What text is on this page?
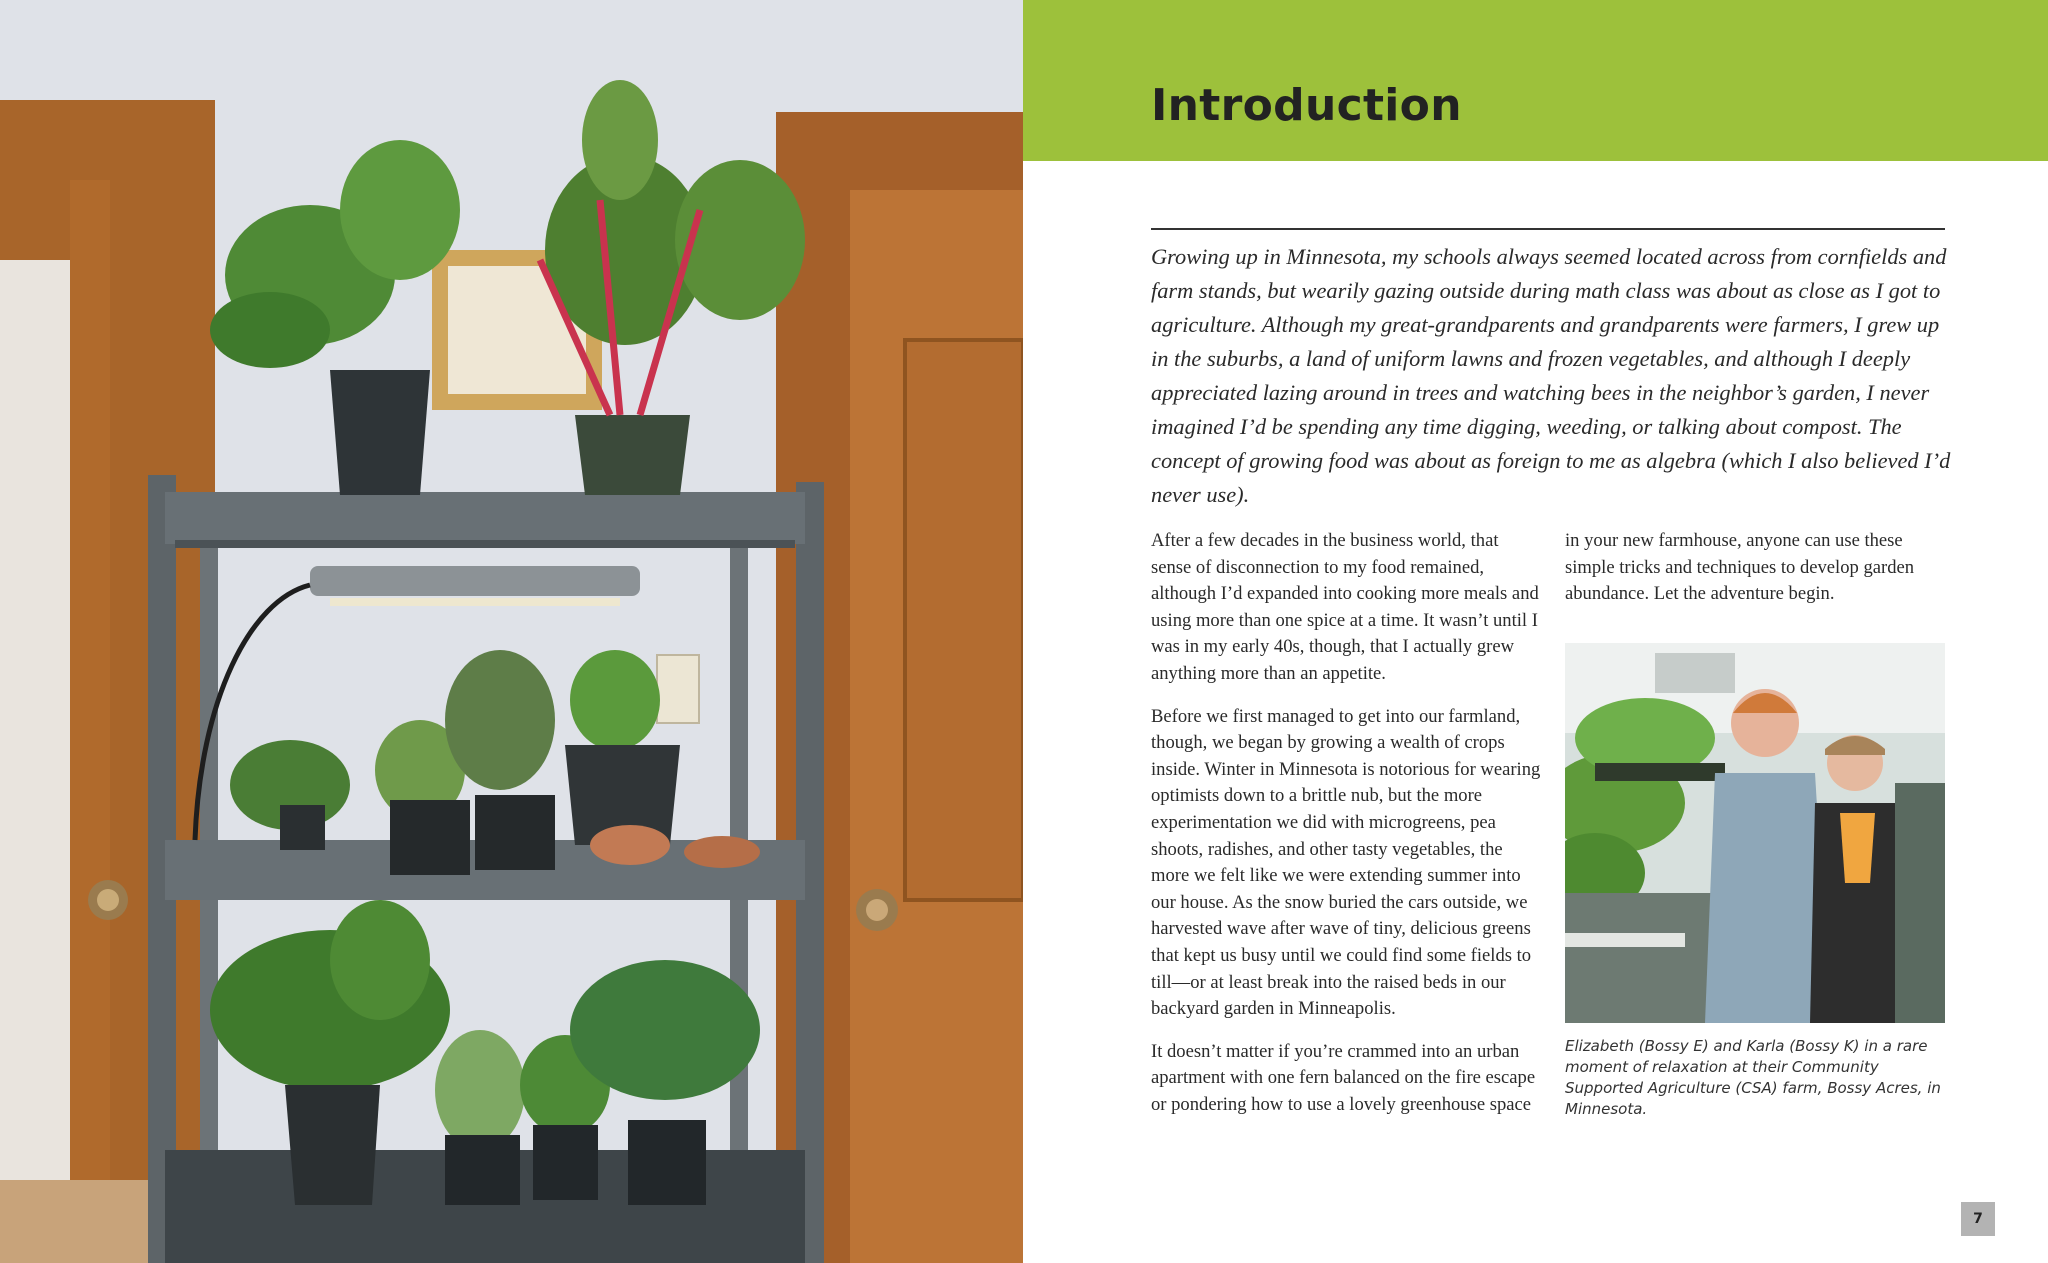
Introduction

Growing up in Minnesota, my schools always seemed located across from cornfields and farm stands, but wearily gazing outside during math class was about as close as I got to agriculture. Although my great-grandparents and grandparents were farmers, I grew up in the suburbs, a land of uniform lawns and frozen vegetables, and although I deeply appreciated lazing around in trees and watching bees in the neighbor’s garden, I never imagined I’d be spending any time digging, weeding, or talking about compost. The concept of growing food was about as foreign to me as algebra (which I also believed I’d never use).

After a few decades in the business world, that sense of disconnection to my food remained, although I’d expanded into cooking more meals and using more than one spice at a time. It wasn’t until I was in my early 40s, though, that I actually grew anything more than an appetite.

Before we first managed to get into our farmland, though, we began by growing a wealth of crops inside. Winter in Minnesota is notorious for wearing optimists down to a brittle nub, but the more experimentation we did with microgreens, pea shoots, radishes, and other tasty vegetables, the more we felt like we were extending summer into our house. As the snow buried the cars outside, we harvested wave after wave of tiny, delicious greens that kept us busy until we could find some fields to till—or at least break into the raised beds in our backyard garden in Minneapolis.

It doesn’t matter if you’re crammed into an urban apartment with one fern balanced on the fire escape or pondering how to use a lovely greenhouse space

in your new farmhouse, anyone can use these simple tricks and techniques to develop garden abundance. Let the adventure begin.

Elizabeth (Bossy E) and Karla (Bossy K) in a rare moment of relaxation at their Community Supported Agriculture (CSA) farm, Bossy Acres, in Minnesota.

7
